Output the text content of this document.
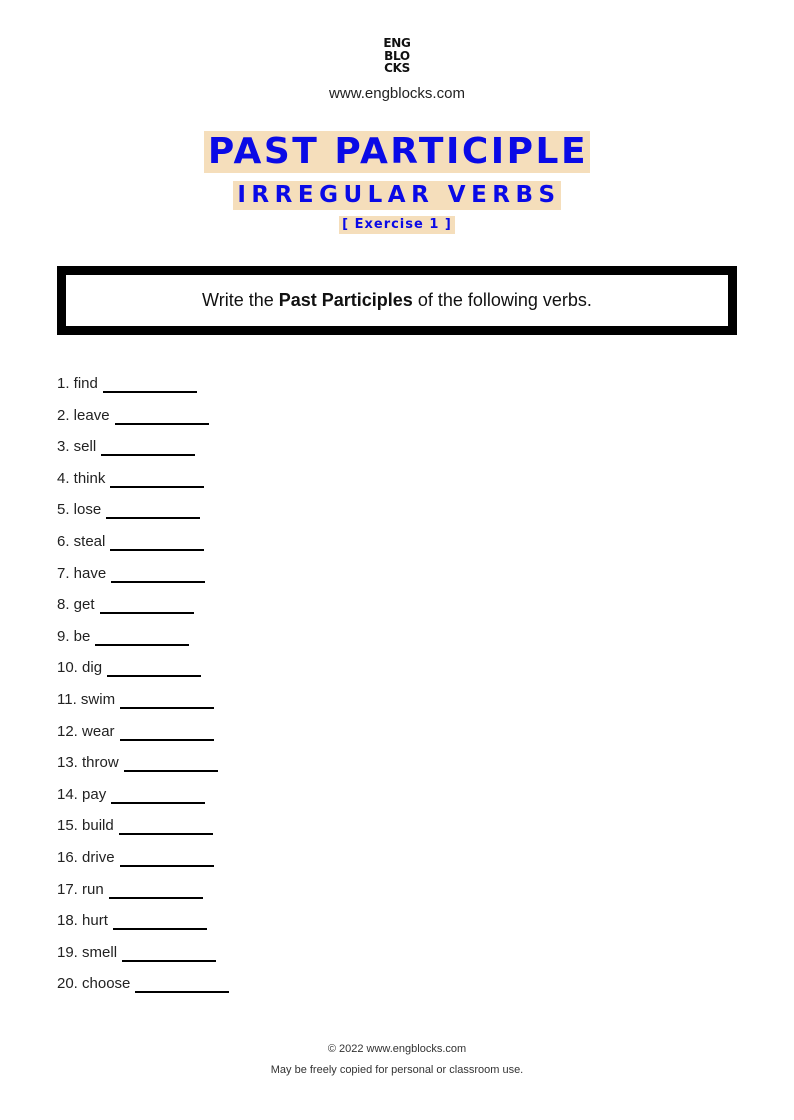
ENG
BLO
CKS
www.engblocks.com
PAST PARTICIPLE
IRREGULAR VERBS
[ Exercise 1 ]
Write the Past Participles of the following verbs.
1. find
2. leave
3. sell
4. think
5. lose
6. steal
7. have
8. get
9. be
10. dig
11. swim
12. wear
13. throw
14. pay
15. build
16. drive
17. run
18. hurt
19. smell
20. choose
© 2022 www.engblocks.com
May be freely copied for personal or classroom use.
